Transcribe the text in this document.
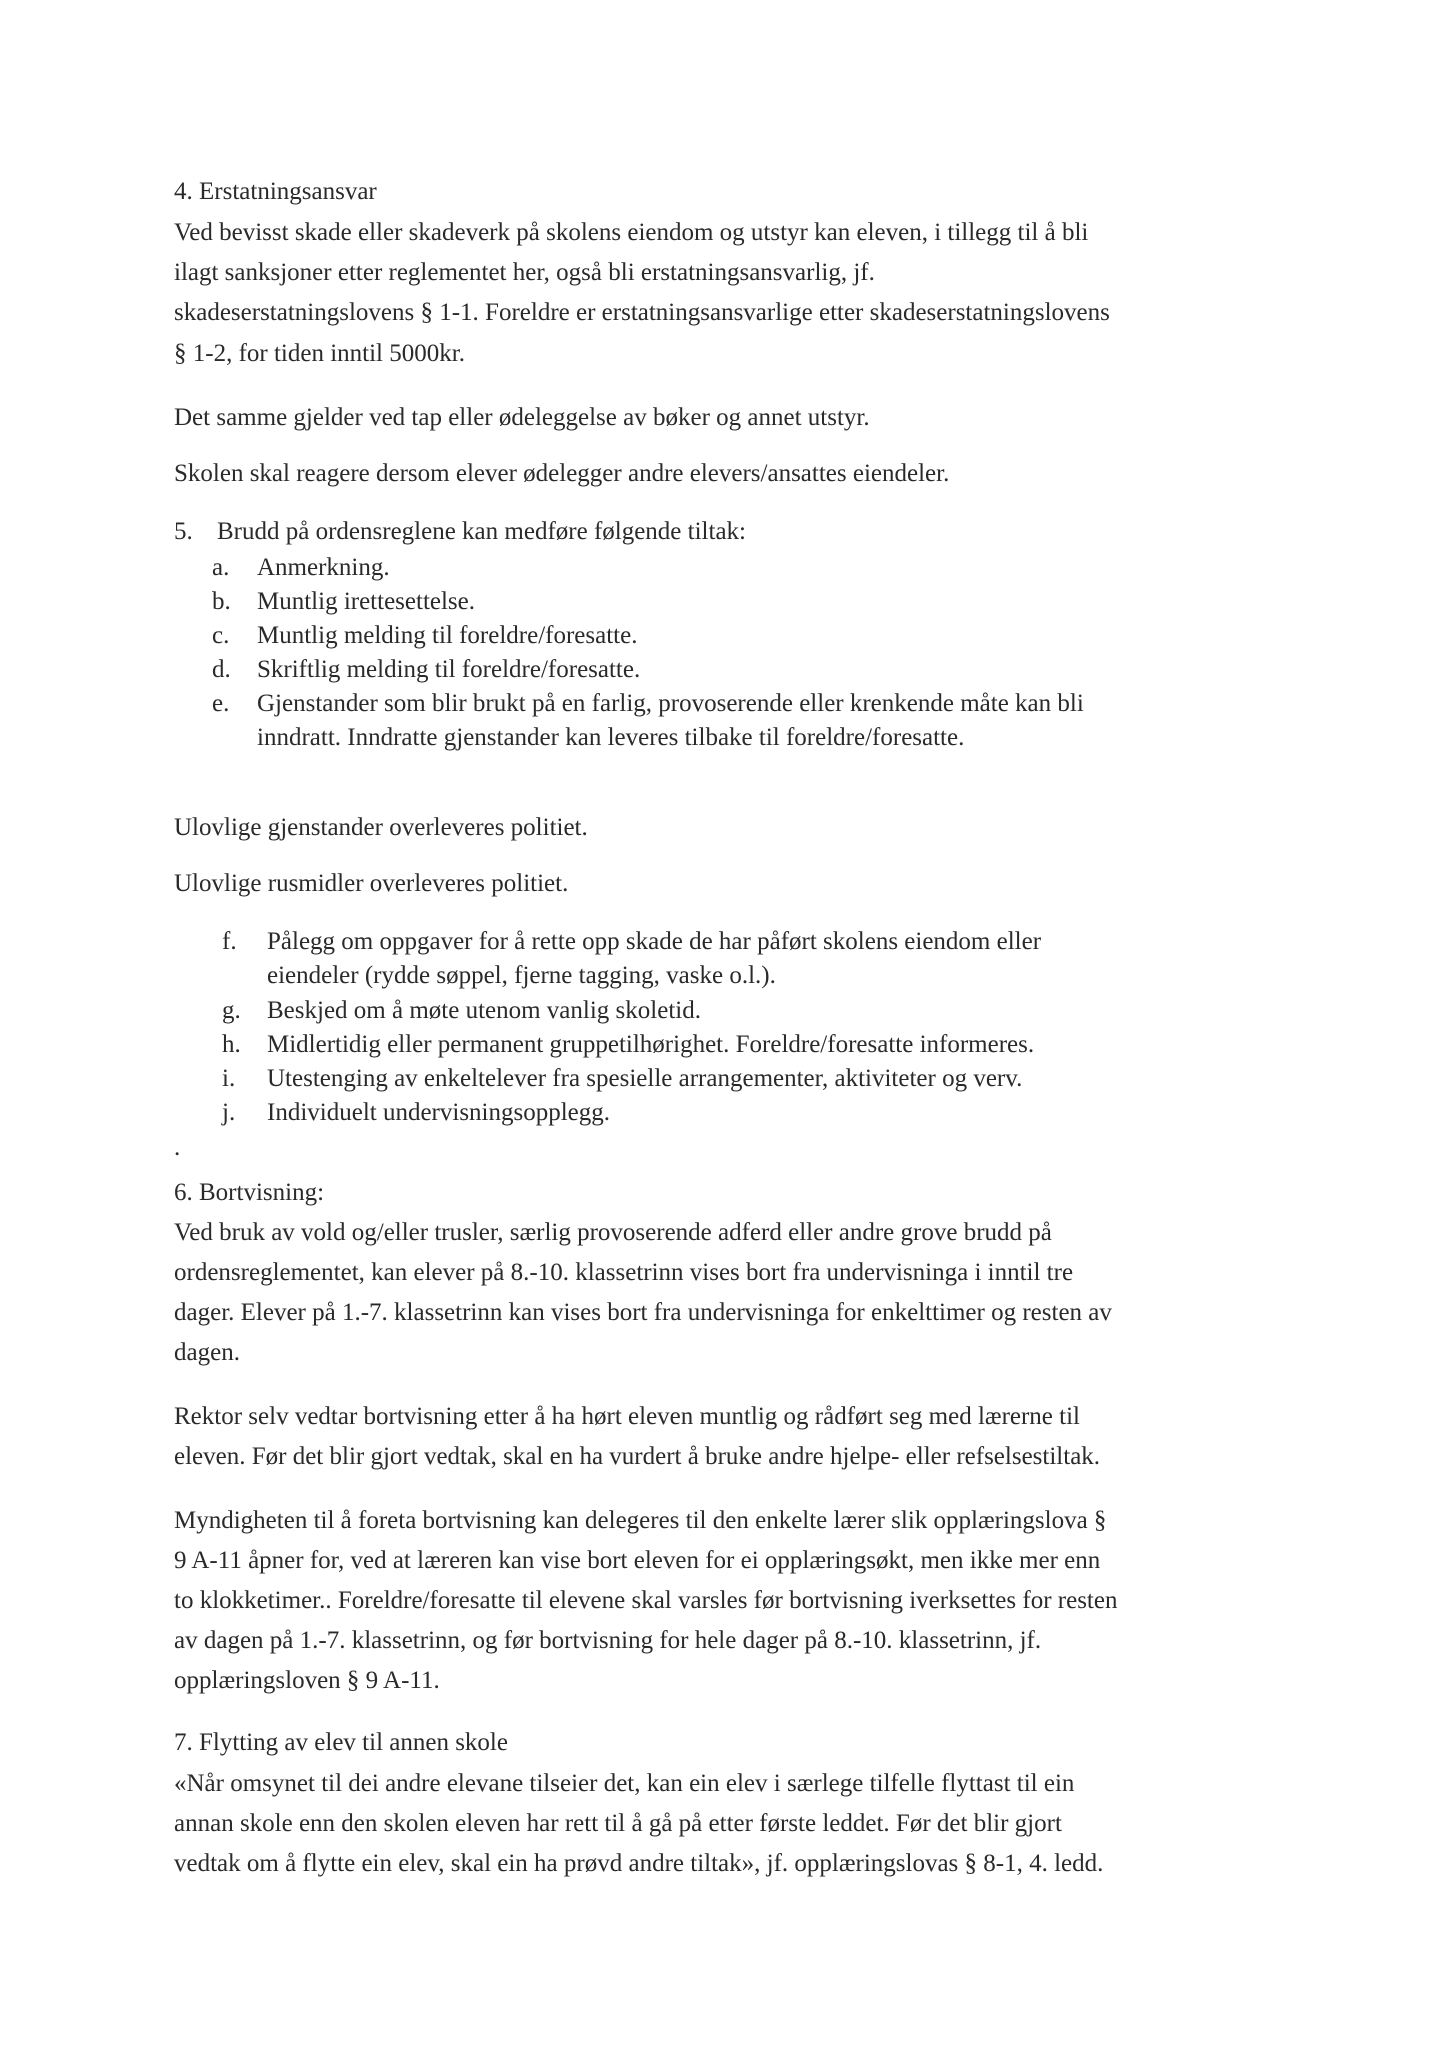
4. Erstatningsansvar
Ved bevisst skade eller skadeverk på skolens eiendom og utstyr kan eleven, i tillegg til å bli
ilagt sanksjoner etter reglementet her, også bli erstatningsansvarlig, jf.
skadeserstatningslovens § 1-1. Foreldre er erstatningsansvarlige etter skadeserstatningslovens
§ 1-2, for tiden inntil 5000kr.
Det samme gjelder ved tap eller ødeleggelse av bøker og annet utstyr.
Skolen skal reagere dersom elever ødelegger andre elevers/ansattes eiendeler.
5. Brudd på ordensreglene kan medføre følgende tiltak:
a. Anmerkning.
b. Muntlig irettesettelse.
c. Muntlig melding til foreldre/foresatte.
d. Skriftlig melding til foreldre/foresatte.
e. Gjenstander som blir brukt på en farlig, provoserende eller krenkende måte kan bli
inndratt. Inndratte gjenstander kan leveres tilbake til foreldre/foresatte.
Ulovlige gjenstander overleveres politiet.
Ulovlige rusmidler overleveres politiet.
f. Pålegg om oppgaver for å rette opp skade de har påført skolens eiendom eller
eiendeler (rydde søppel, fjerne tagging, vaske o.l.).
g. Beskjed om å møte utenom vanlig skoletid.
h. Midlertidig eller permanent gruppetilhørighet. Foreldre/foresatte informeres.
i. Utestenging av enkeltelever fra spesielle arrangementer, aktiviteter og verv.
j. Individuelt undervisningsopplegg.
.
6. Bortvisning:
Ved bruk av vold og/eller trusler, særlig provoserende adferd eller andre grove brudd på
ordensreglementet, kan elever på 8.-10. klassetrinn vises bort fra undervisninga i inntil tre
dager. Elever på 1.-7. klassetrinn kan vises bort fra undervisninga for enkelttimer og resten av
dagen.
Rektor selv vedtar bortvisning etter å ha hørt eleven muntlig og rådført seg med lærerne til
eleven. Før det blir gjort vedtak, skal en ha vurdert å bruke andre hjelpe- eller refselsestiltak.
Myndigheten til å foreta bortvisning kan delegeres til den enkelte lærer slik opplæringslova §
9 A-11 åpner for, ved at læreren kan vise bort eleven for ei opplæringsøkt, men ikke mer enn
to klokketimer.. Foreldre/foresatte til elevene skal varsles før bortvisning iverksettes for resten
av dagen på 1.-7. klassetrinn, og før bortvisning for hele dager på 8.-10. klassetrinn, jf.
opplæringsloven § 9 A-11.
7. Flytting av elev til annen skole
«Når omsynet til dei andre elevane tilseier det, kan ein elev i særlege tilfelle flyttast til ein
annan skole enn den skolen eleven har rett til å gå på etter første leddet. Før det blir gjort
vedtak om å flytte ein elev, skal ein ha prøvd andre tiltak», jf. opplæringslovas § 8-1, 4. ledd.
